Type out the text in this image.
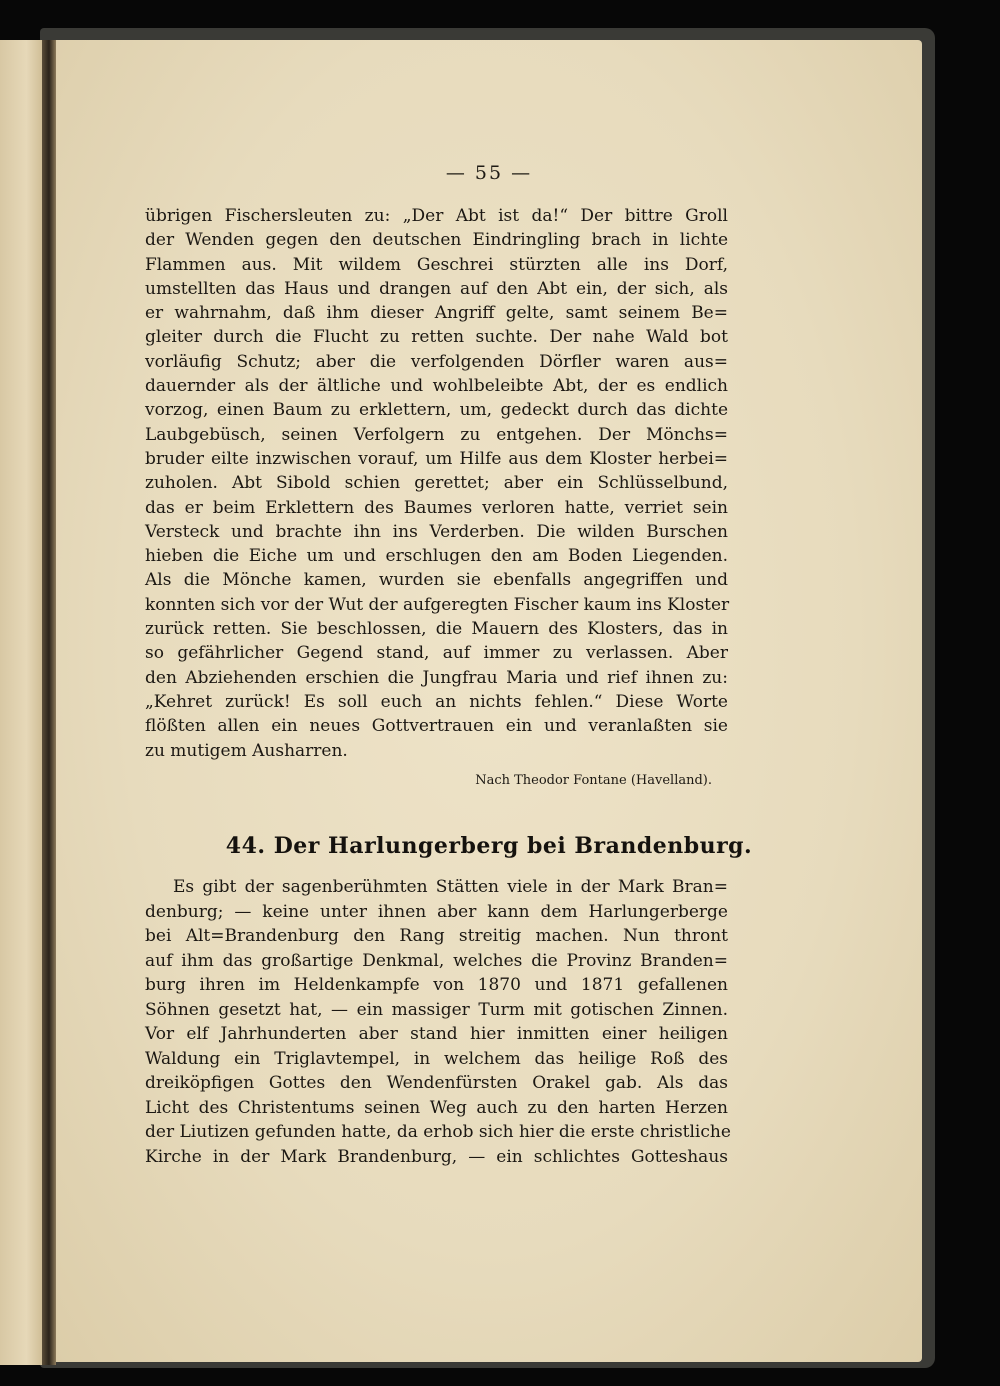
— 55 —
übrigen Fischersleuten zu: „Der Abt ist da!“ Der bittre Groll
der Wenden gegen den deutschen Eindringling brach in lichte
Flammen aus. Mit wildem Geschrei stürzten alle ins Dorf,
umstellten das Haus und drangen auf den Abt ein, der sich, als
er wahrnahm, daß ihm dieser Angriff gelte, samt seinem Be=
gleiter durch die Flucht zu retten suchte. Der nahe Wald bot
vorläufig Schutz; aber die verfolgenden Dörfler waren aus=
dauernder als der ältliche und wohlbeleibte Abt, der es endlich
vorzog, einen Baum zu erklettern, um, gedeckt durch das dichte
Laubgebüsch, seinen Verfolgern zu entgehen. Der Mönchs=
bruder eilte inzwischen vorauf, um Hilfe aus dem Kloster herbei=
zuholen. Abt Sibold schien gerettet; aber ein Schlüsselbund,
das er beim Erklettern des Baumes verloren hatte, verriet sein
Versteck und brachte ihn ins Verderben. Die wilden Burschen
hieben die Eiche um und erschlugen den am Boden Liegenden.
Als die Mönche kamen, wurden sie ebenfalls angegriffen und
konnten sich vor der Wut der aufgeregten Fischer kaum ins Kloster
zurück retten. Sie beschlossen, die Mauern des Klosters, das in
so gefährlicher Gegend stand, auf immer zu verlassen. Aber
den Abziehenden erschien die Jungfrau Maria und rief ihnen zu:
„Kehret zurück! Es soll euch an nichts fehlen.“ Diese Worte
flößten allen ein neues Gottvertrauen ein und veranlaßten sie
zu mutigem Ausharren.
Nach Theodor Fontane (Havelland).
44. Der Harlungerberg bei Brandenburg.
Es gibt der sagenberühmten Stätten viele in der Mark Bran=
denburg; — keine unter ihnen aber kann dem Harlungerberge
bei Alt=Brandenburg den Rang streitig machen. Nun thront
auf ihm das großartige Denkmal, welches die Provinz Branden=
burg ihren im Heldenkampfe von 1870 und 1871 gefallenen
Söhnen gesetzt hat, — ein massiger Turm mit gotischen Zinnen.
Vor elf Jahrhunderten aber stand hier inmitten einer heiligen
Waldung ein Triglavtempel, in welchem das heilige Roß des
dreiköpfigen Gottes den Wendenfürsten Orakel gab. Als das
Licht des Christentums seinen Weg auch zu den harten Herzen
der Liutizen gefunden hatte, da erhob sich hier die erste christliche
Kirche in der Mark Brandenburg, — ein schlichtes Gotteshaus
